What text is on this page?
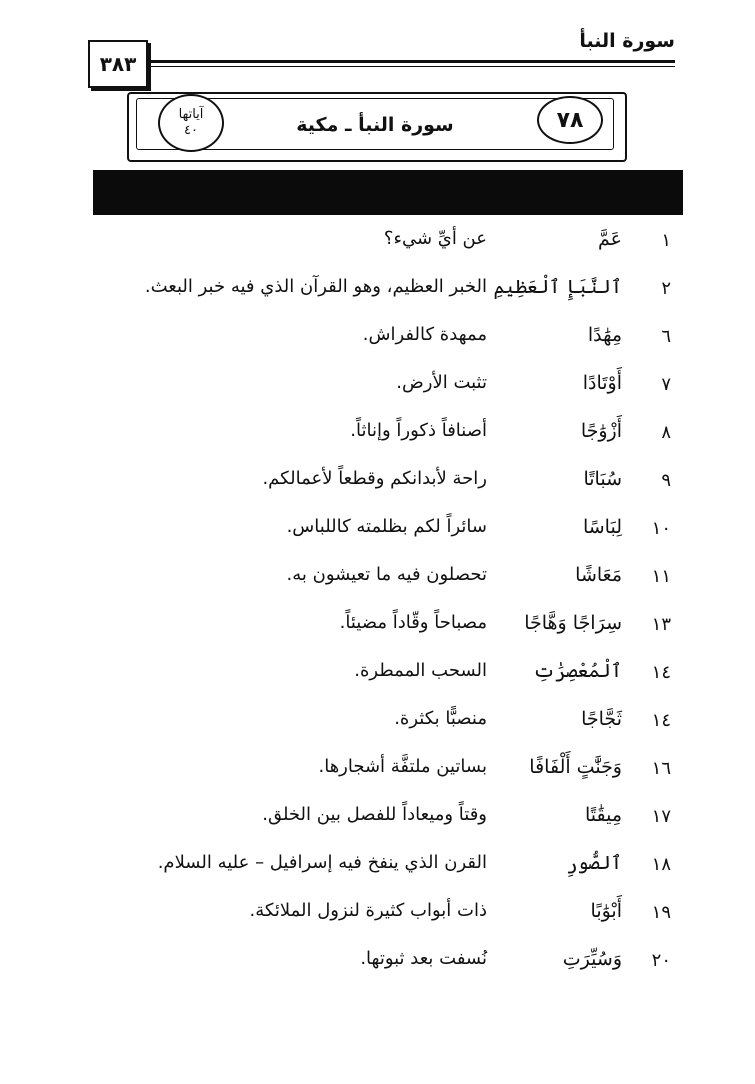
سورة النبأ
٣٨٣
٧٨
سورة النبأ ـ مكية
آياتها
٤٠
١
عَمَّ
عن أيِّ شيء؟
٢
ٱلنَّبَإِ ٱلْعَظِيمِ
الخبر العظيم، وهو القرآن الذي فيه خبر البعث.
٦
مِهَٰدًا
ممهدة كالفراش.
٧
أَوْتَادًا
تثبت الأرض.
٨
أَزْوَٰجًا
أصنافاً ذكوراً وإناثاً.
٩
سُبَاتًا
راحة لأبدانكم وقطعاً لأعمالكم.
١٠
لِبَاسًا
سائراً لكم بظلمته كاللباس.
١١
مَعَاشًا
تحصلون فيه ما تعيشون به.
١٣
سِرَاجًا وَهَّاجًا
مصباحاً وقّاداً مضيئاً.
١٤
ٱلْمُعْصِرَٰتِ
السحب الممطرة.
١٤
ثَجَّاجًا
منصبًّا بكثرة.
١٦
وَجَنَّٰتٍ أَلْفَافًا
بساتين ملتفَّة أشجارها.
١٧
مِيقَٰتًا
وقتاً وميعاداً للفصل بين الخلق.
١٨
ٱلصُّورِ
القرن الذي ينفخ فيه إسرافيل – عليه السلام.
١٩
أَبْوَٰبًا
ذات أبواب كثيرة لنزول الملائكة.
٢٠
وَسُيِّرَتِ
نُسفت بعد ثبوتها.
